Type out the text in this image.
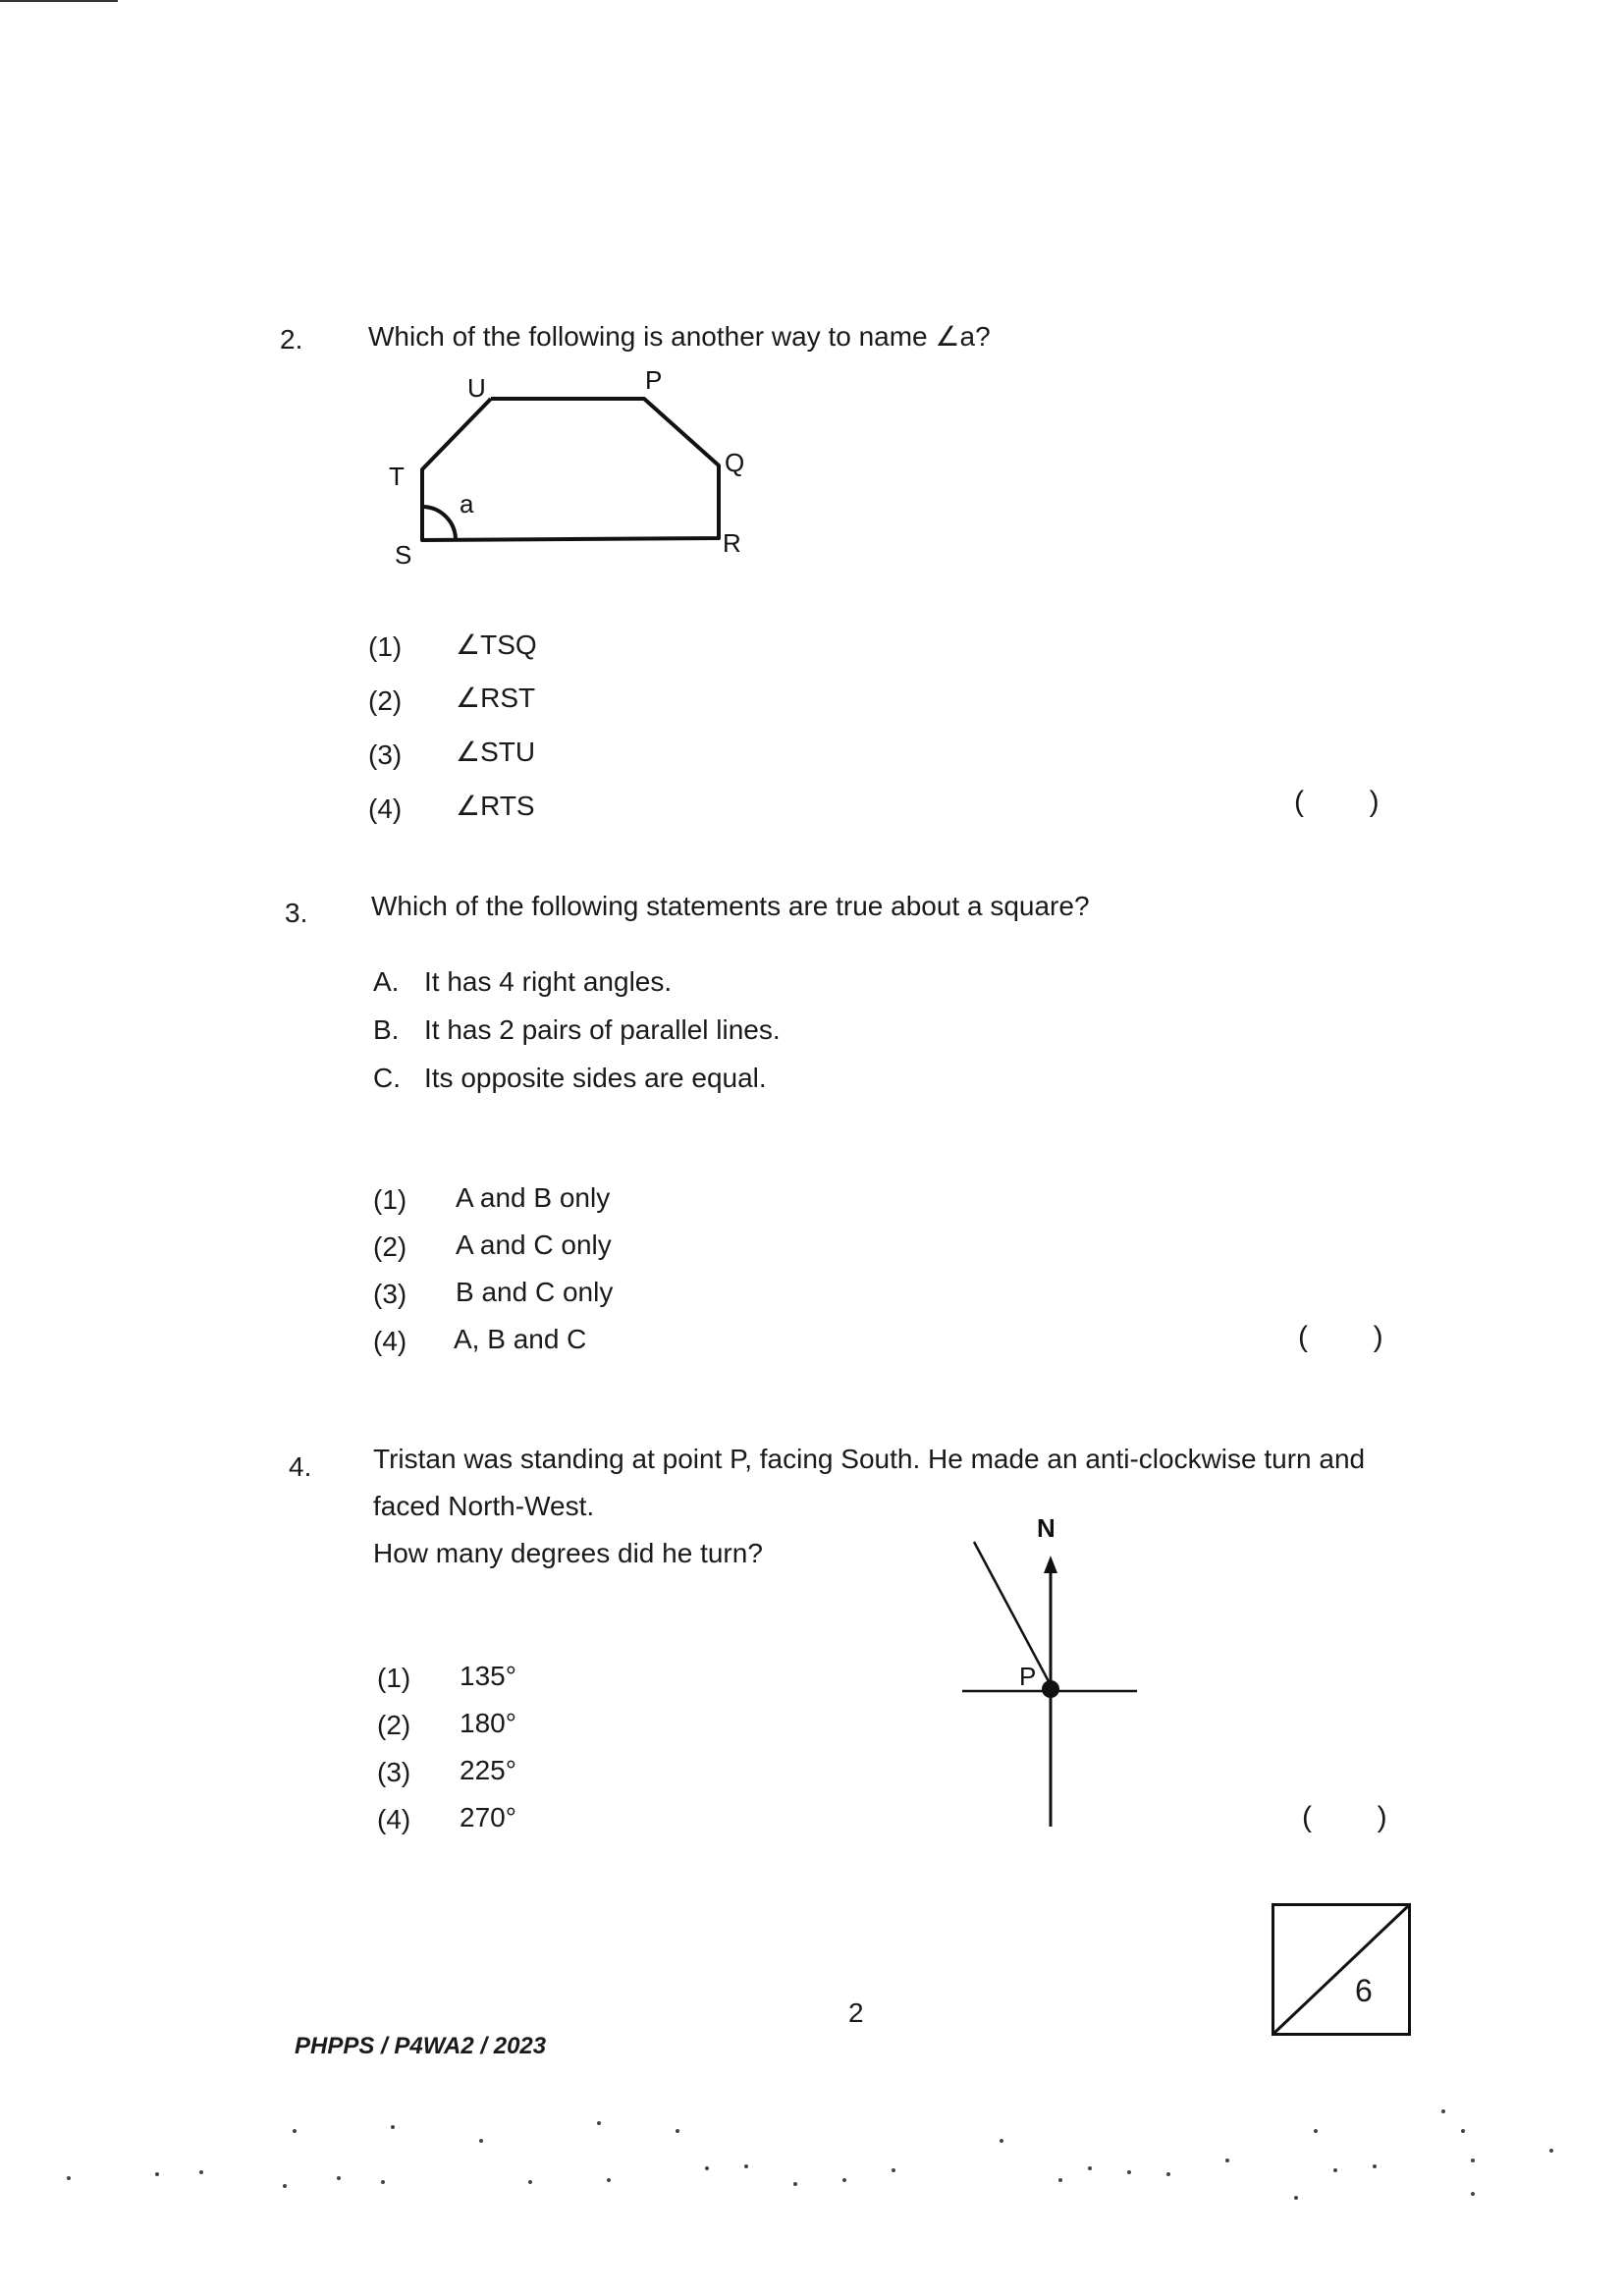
2. Which of the following is another way to name ∠a?
U	P
T	Q
a
S	R
(1) ∠TSQ
(2) ∠RST
(3) ∠STU
(4) ∠RTS	(        )
3. Which of the following statements are true about a square?
A. It has 4 right angles.
B. It has 2 pairs of parallel lines.
C. Its opposite sides are equal.
(1) A and B only
(2) A and C only
(3) B and C only
(4) A, B and C	(        )
4. Tristan was standing at point P, facing South. He made an anti-clockwise turn and
faced North-West.
How many degrees did he turn?
N
P
(1) 135°
(2) 180°
(3) 225°
(4) 270°	(        )
6
2
PHPPS / P4WA2 / 2023
